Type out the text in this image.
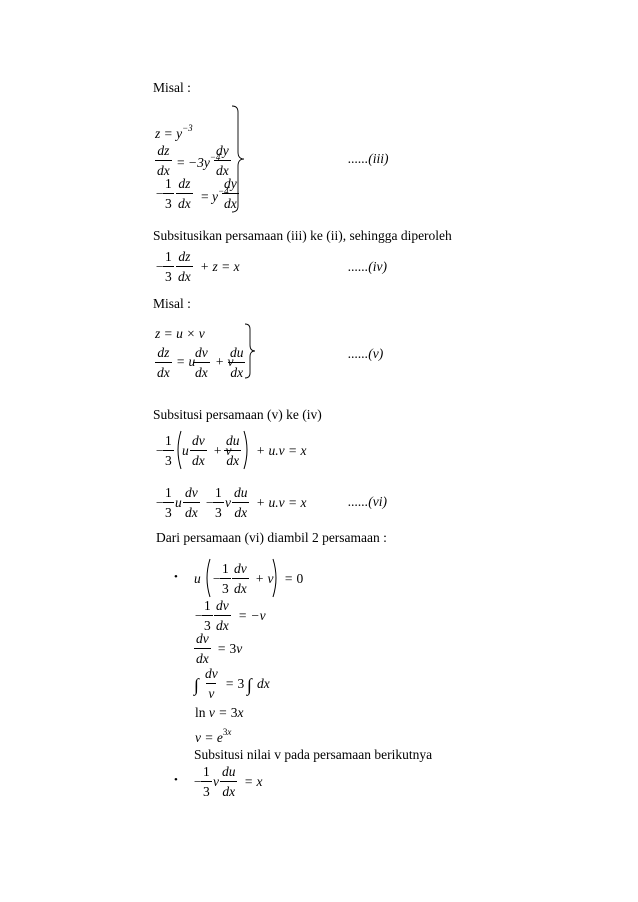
Misal :
$z = y^{-3}$
$\frac{dz}{dx} = -3y^{-4}$
$\frac{dy}{dx}$
−
$\frac{1}{3} \frac{dz}{dx} = y^{-4}$
$\frac{dy}{dx}$
......(iii)
Subsitusikan persamaan (iii) ke (ii), sehingga diperoleh
−
$\frac{1}{3} \frac{dz}{dx} + z = x$	......(iv)
Misal :
z = u × v
$\frac{dz}{dx} = u$
$\frac{dv}{dx} + v$
$\frac{du}{dx}$	......(v)
Subsitusi persamaan (v) ke (iv)
−
$\frac{1}{3}$ u $\frac{dv}{dx} + v$
$\frac{du}{dx} + u.v = x$
−
$\frac{1}{3}$ u $\frac{dv}{dx}$ −
$\frac{1}{3}$ v $\frac{du}{dx} + u.v = x$	......(vi)
Dari persamaan (vi) diambil 2 persamaan :
• u −
$\frac{1}{3} \frac{dv}{dx} + v = 0$
−
$\frac{1}{3} \frac{dv}{dx} = -v$
$\frac{dv}{dx} = 3v$
∫ $\frac{dv}{v} = 3$ ∫ dx
ln v = 3x
$v = e^{3x}$
Subsitusi nilai v pada persamaan berikutnya
• −
$\frac{1}{3}$ v $\frac{du}{dx} = x$
